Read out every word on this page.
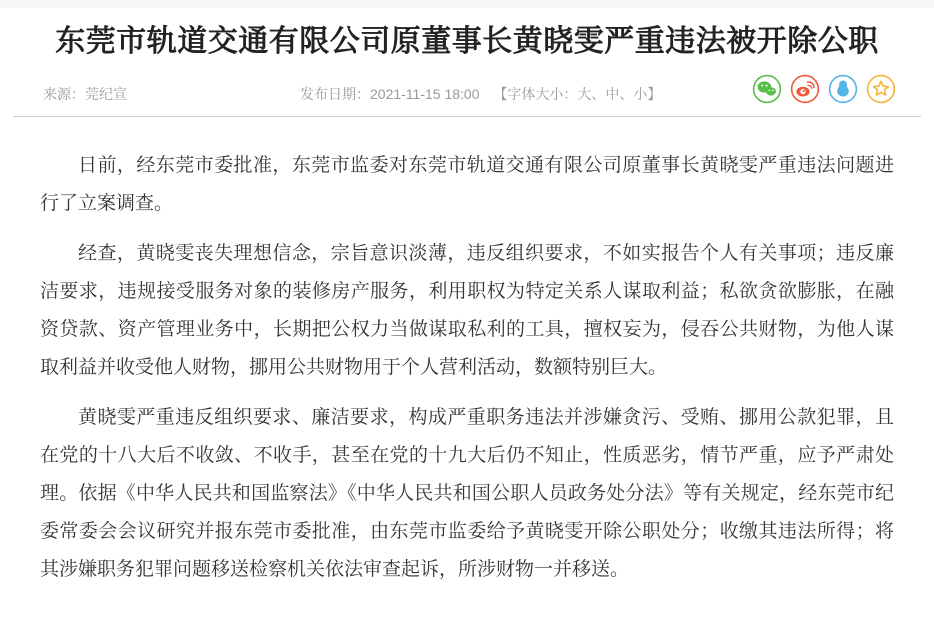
东莞市轨道交通有限公司原董事长黄晓雯严重违法被开除公职
来源：莞纪宣	发布日期：2021-11-15 18:00 【字体大小：大、中、小】

日前，经东莞市委批准，东莞市监委对东莞市轨道交通有限公司原董事长黄晓雯严重违法问题进行了立案调查。

经查，黄晓雯丧失理想信念，宗旨意识淡薄，违反组织要求，不如实报告个人有关事项；违反廉洁要求，违规接受服务对象的装修房产服务，利用职权为特定关系人谋取利益；私欲贪欲膨胀，在融资贷款、资产管理业务中，长期把公权力当做谋取私利的工具，擅权妄为，侵吞公共财物，为他人谋取利益并收受他人财物，挪用公共财物用于个人营利活动，数额特别巨大。

黄晓雯严重违反组织要求、廉洁要求，构成严重职务违法并涉嫌贪污、受贿、挪用公款犯罪，且在党的十八大后不收敛、不收手，甚至在党的十九大后仍不知止，性质恶劣，情节严重，应予严肃处理。依据《中华人民共和国监察法》《中华人民共和国公职人员政务处分法》等有关规定，经东莞市纪委常委会会议研究并报东莞市委批准，由东莞市监委给予黄晓雯开除公职处分；收缴其违法所得；将其涉嫌职务犯罪问题移送检察机关依法审查起诉，所涉财物一并移送。
